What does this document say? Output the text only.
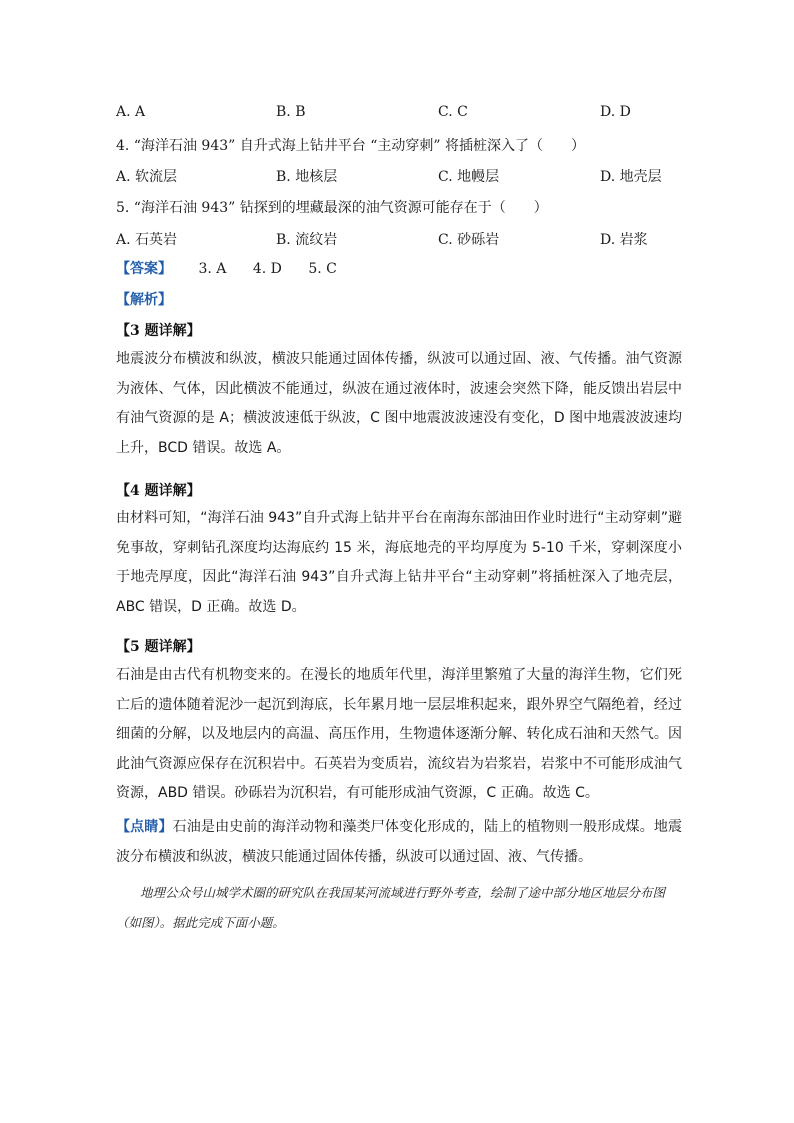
A. A	B. B	C. C	D. D
4. “海洋石油 943” 自升式海上钻井平台 “主动穿刺” 将插桩深入了（　　）
A. 软流层	B. 地核层	C. 地幔层	D. 地壳层
5. “海洋石油 943” 钻探到的埋藏最深的油气资源可能存在于（　　）
A. 石英岩	B. 流纹岩	C. 砂砾岩	D. 岩浆
【答案】 3. A 4. D 5. C
【解析】
【3 题详解】
地震波分布横波和纵波，横波只能通过固体传播，纵波可以通过固、液、气传播。油气资源为液体、气体，因此横波不能通过，纵波在通过液体时，波速会突然下降，能反馈出岩层中有油气资源的是 A；横波波速低于纵波，C 图中地震波波速没有变化，D 图中地震波波速均上升，BCD 错误。故选 A。
【4 题详解】
由材料可知，“海洋石油 943”自升式海上钻井平台在南海东部油田作业时进行“主动穿刺”避免事故，穿刺钻孔深度均达海底约 15 米，海底地壳的平均厚度为 5-10 千米，穿刺深度小于地壳厚度，因此“海洋石油 943”自升式海上钻井平台“主动穿刺”将插桩深入了地壳层，ABC 错误，D 正确。故选 D。
【5 题详解】
石油是由古代有机物变来的。在漫长的地质年代里，海洋里繁殖了大量的海洋生物，它们死亡后的遗体随着泥沙一起沉到海底，长年累月地一层层堆积起来，跟外界空气隔绝着，经过细菌的分解，以及地层内的高温、高压作用，生物遗体逐渐分解、转化成石油和天然气。因此油气资源应保存在沉积岩中。石英岩为变质岩，流纹岩为岩浆岩，岩浆中不可能形成油气资源，ABD 错误。砂砾岩为沉积岩，有可能形成油气资源，C 正确。故选 C。
【点睛】石油是由史前的海洋动物和藻类尸体变化形成的，陆上的植物则一般形成煤。地震波分布横波和纵波，横波只能通过固体传播，纵波可以通过固、液、气传播。
地理公众号山城学术圈的研究队在我国某河流域进行野外考查，绘制了途中部分地区地层分布图（如图）。据此完成下面小题。
